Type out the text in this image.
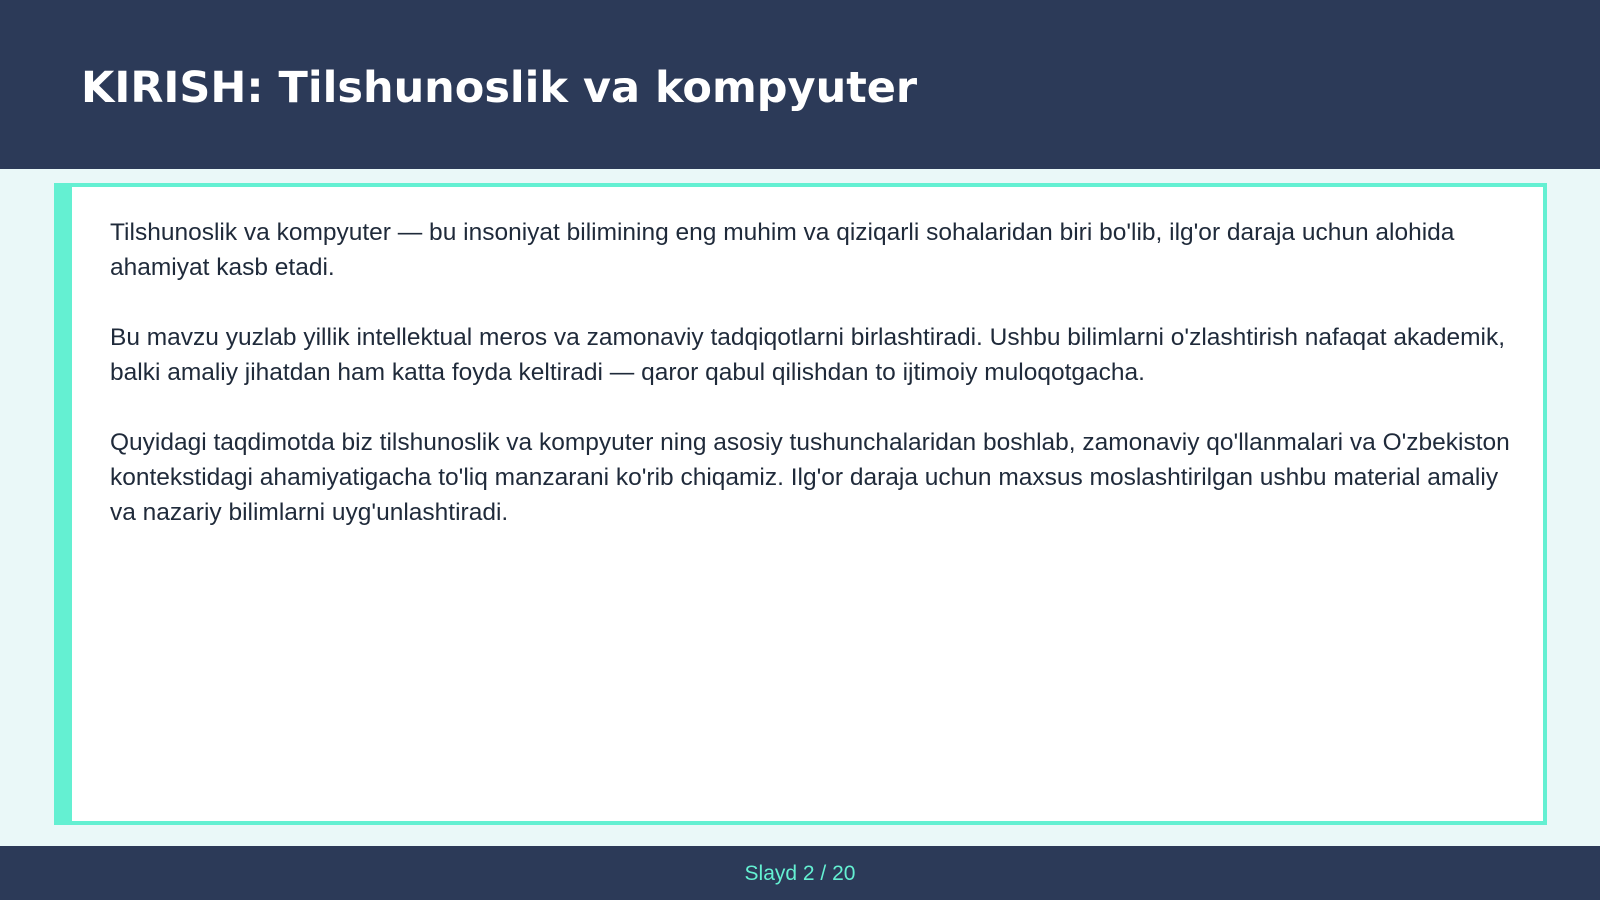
KIRISH: Tilshunoslik va kompyuter

Tilshunoslik va kompyuter — bu insoniyat bilimining eng muhim va qiziqarli sohalaridan biri bo'lib, ilg'or daraja uchun alohida ahamiyat kasb etadi.

Bu mavzu yuzlab yillik intellektual meros va zamonaviy tadqiqotlarni birlashtiradi. Ushbu bilimlarni o'zlashtirish nafaqat akademik, balki amaliy jihatdan ham katta foyda keltiradi — qaror qabul qilishdan to ijtimoiy muloqotgacha.

Quyidagi taqdimotda biz tilshunoslik va kompyuter ning asosiy tushunchalaridan boshlab, zamonaviy qo'llanmalari va O'zbekiston kontekstidagi ahamiyatigacha to'liq manzarani ko'rib chiqamiz. Ilg'or daraja uchun maxsus moslashtirilgan ushbu material amaliy va nazariy bilimlarni uyg'unlashtiradi.

Slayd 2 / 20
